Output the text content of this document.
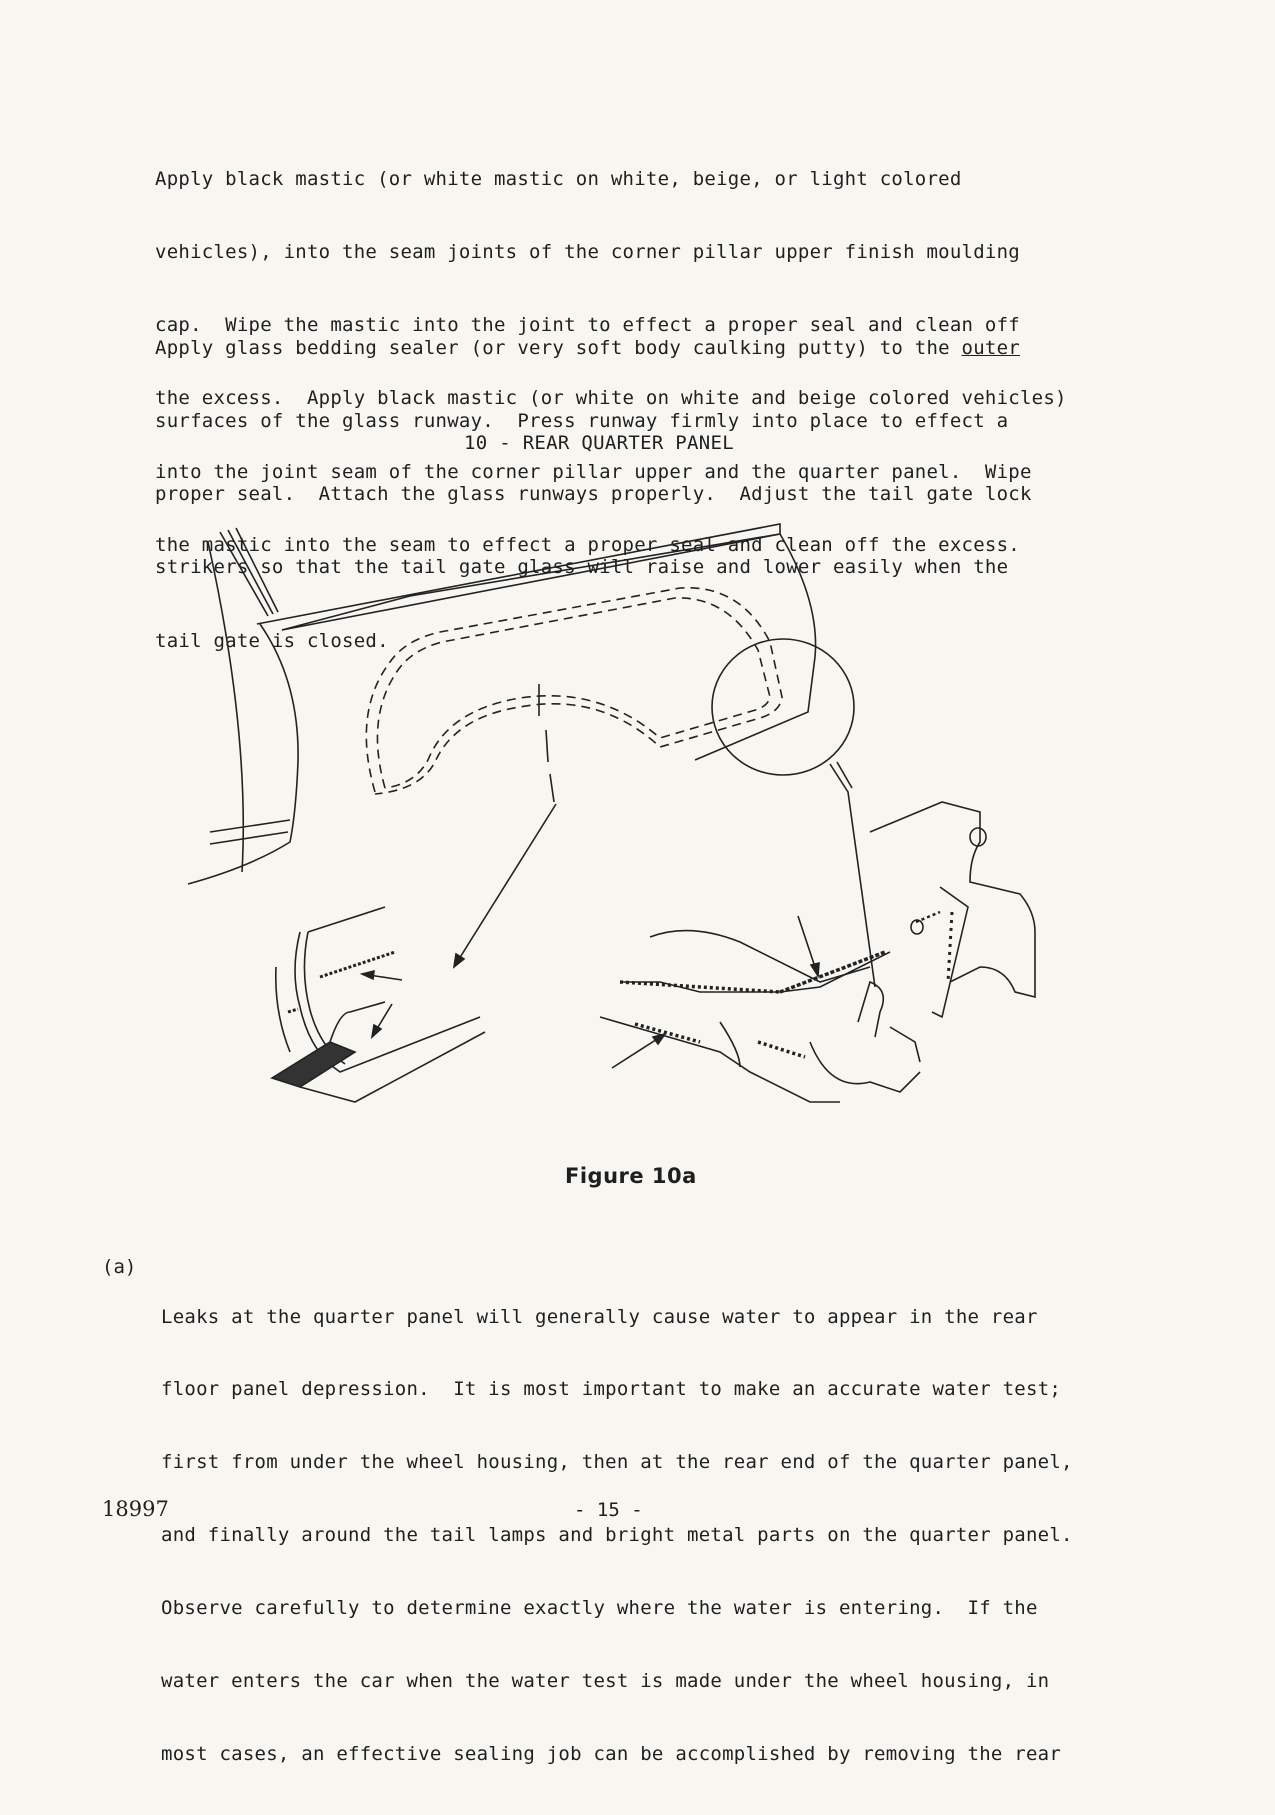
Apply black mastic (or white mastic on white, beige, or light colored

vehicles), into the seam joints of the corner pillar upper finish moulding

cap.  Wipe the mastic into the joint to effect a proper seal and clean off

the excess.  Apply black mastic (or white on white and beige colored vehicles)

into the joint seam of the corner pillar upper and the quarter panel.  Wipe

the mastic into the seam to effect a proper seal and clean off the excess.

Apply glass bedding sealer (or very soft body caulking putty) to the outer

surfaces of the glass runway.  Press runway firmly into place to effect a

proper seal.  Attach the glass runways properly.  Adjust the tail gate lock

strikers so that the tail gate glass will raise and lower easily when the

tail gate is closed.

10 - REAR QUARTER PANEL
Figure 10a
(a)

Leaks at the quarter panel will generally cause water to appear in the rear

floor panel depression.  It is most important to make an accurate water test;

first from under the wheel housing, then at the rear end of the quarter panel,

and finally around the tail lamps and bright metal parts on the quarter panel.

Observe carefully to determine exactly where the water is entering.  If the

water enters the car when the water test is made under the wheel housing, in

most cases, an effective sealing job can be accomplished by removing the rear

18997	- 15 -
